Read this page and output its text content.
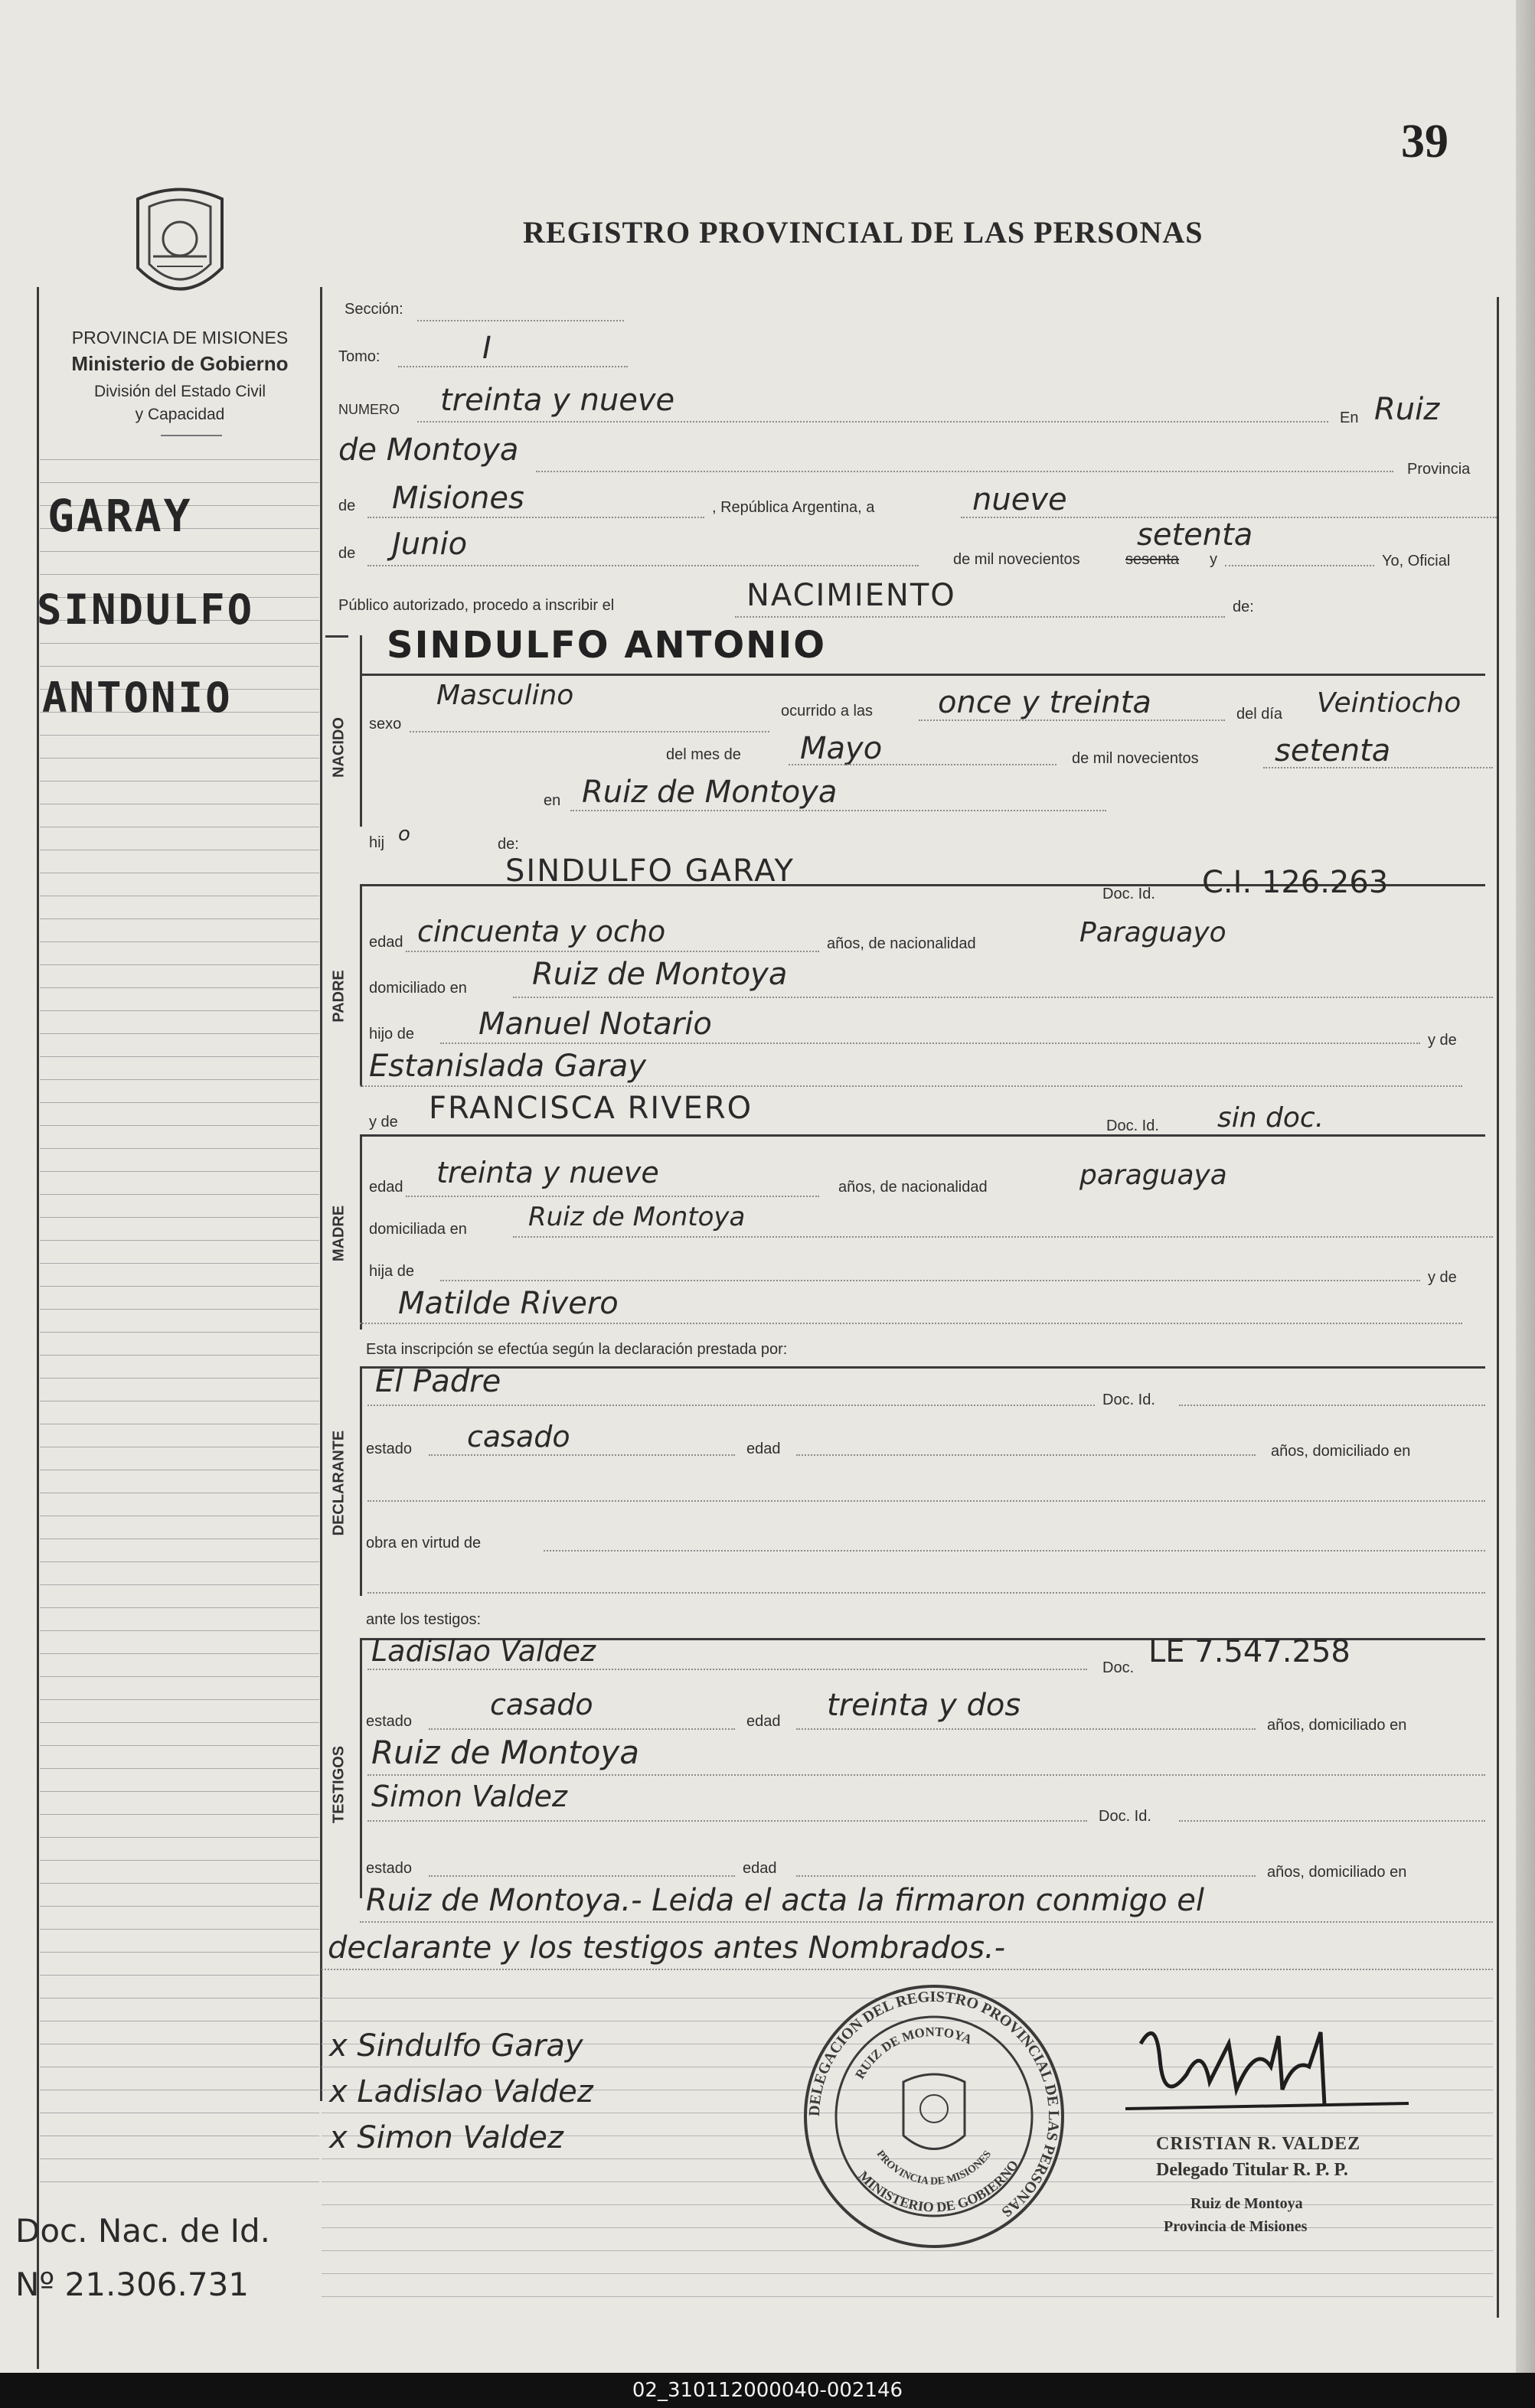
39
REGISTRO PROVINCIAL DE LAS PERSONAS
PROVINCIA DE MISIONES
Ministerio de Gobierno
División del Estado Civil
y Capacidad
GARAY
SINDULFO
ANTONIO
Doc. Nac. de Id.
Nº 21.306.731
Sección:
Tomo:	I
NUMERO treinta y nueve	En Ruiz
de Montoya
Provincia
de Misiones	, República Argentina, a	nueve
de Junio	de mil novecientos
setenta
sesenta y	Yo, Oficial
Público autorizado, procedo a inscribir el	NACIMIENTO	de:
SINDULFO ANTONIO
NACIDO sexo
Masculino	ocurrido a las once y treinta	del día Veintiocho
del mes de Mayo	de mil novecientos setenta
en Ruiz de Montoya
hij o	de:
PADRE
SINDULFO GARAY
Doc. Id. C.I. 126.263
edad cincuenta y ocho	años, de nacionalidad	Paraguayo
domiciliado en Ruiz de Montoya
hijo de Manuel Notario	y de
Estanislada Garay
y de FRANCISCA RIVERO	Doc. Id. sin doc.
MADRE
edad treinta y nueve	años, de nacionalidad	paraguaya
domiciliada en Ruiz de Montoya
hija de	y de
Matilde Rivero
Esta inscripción se efectúa según la declaración prestada por:
DECLARANTE
El Padre
Doc. Id.
estado casado	edad	años, domiciliado en
obra en virtud de
ante los testigos:
TESTIGOS
Ladislao Valdez	Doc. LE 7.547.258
estado	casado	edad treinta y dos
años, domiciliado en
Ruiz de Montoya
Simon Valdez
Doc. Id.
estado	edad	años, domiciliado en
Ruiz de Montoya.- Leida el acta la firmaron conmigo el
declarante y los testigos antes Nombrados.-
x Sindulfo Garay
x Ladislao Valdez
x Simon Valdez
DELEGACION DEL REGISTRO PROVINCIAL DE LAS PERSONAS
RUIZ DE MONTOYA
MINISTERIO DE GOBIERNO
PROVINCIA DE MISIONES
CRISTIAN R. VALDEZ
Delegado Titular R. P. P.
Ruiz de Montoya
Provincia de Misiones
02_310112000040-002146
